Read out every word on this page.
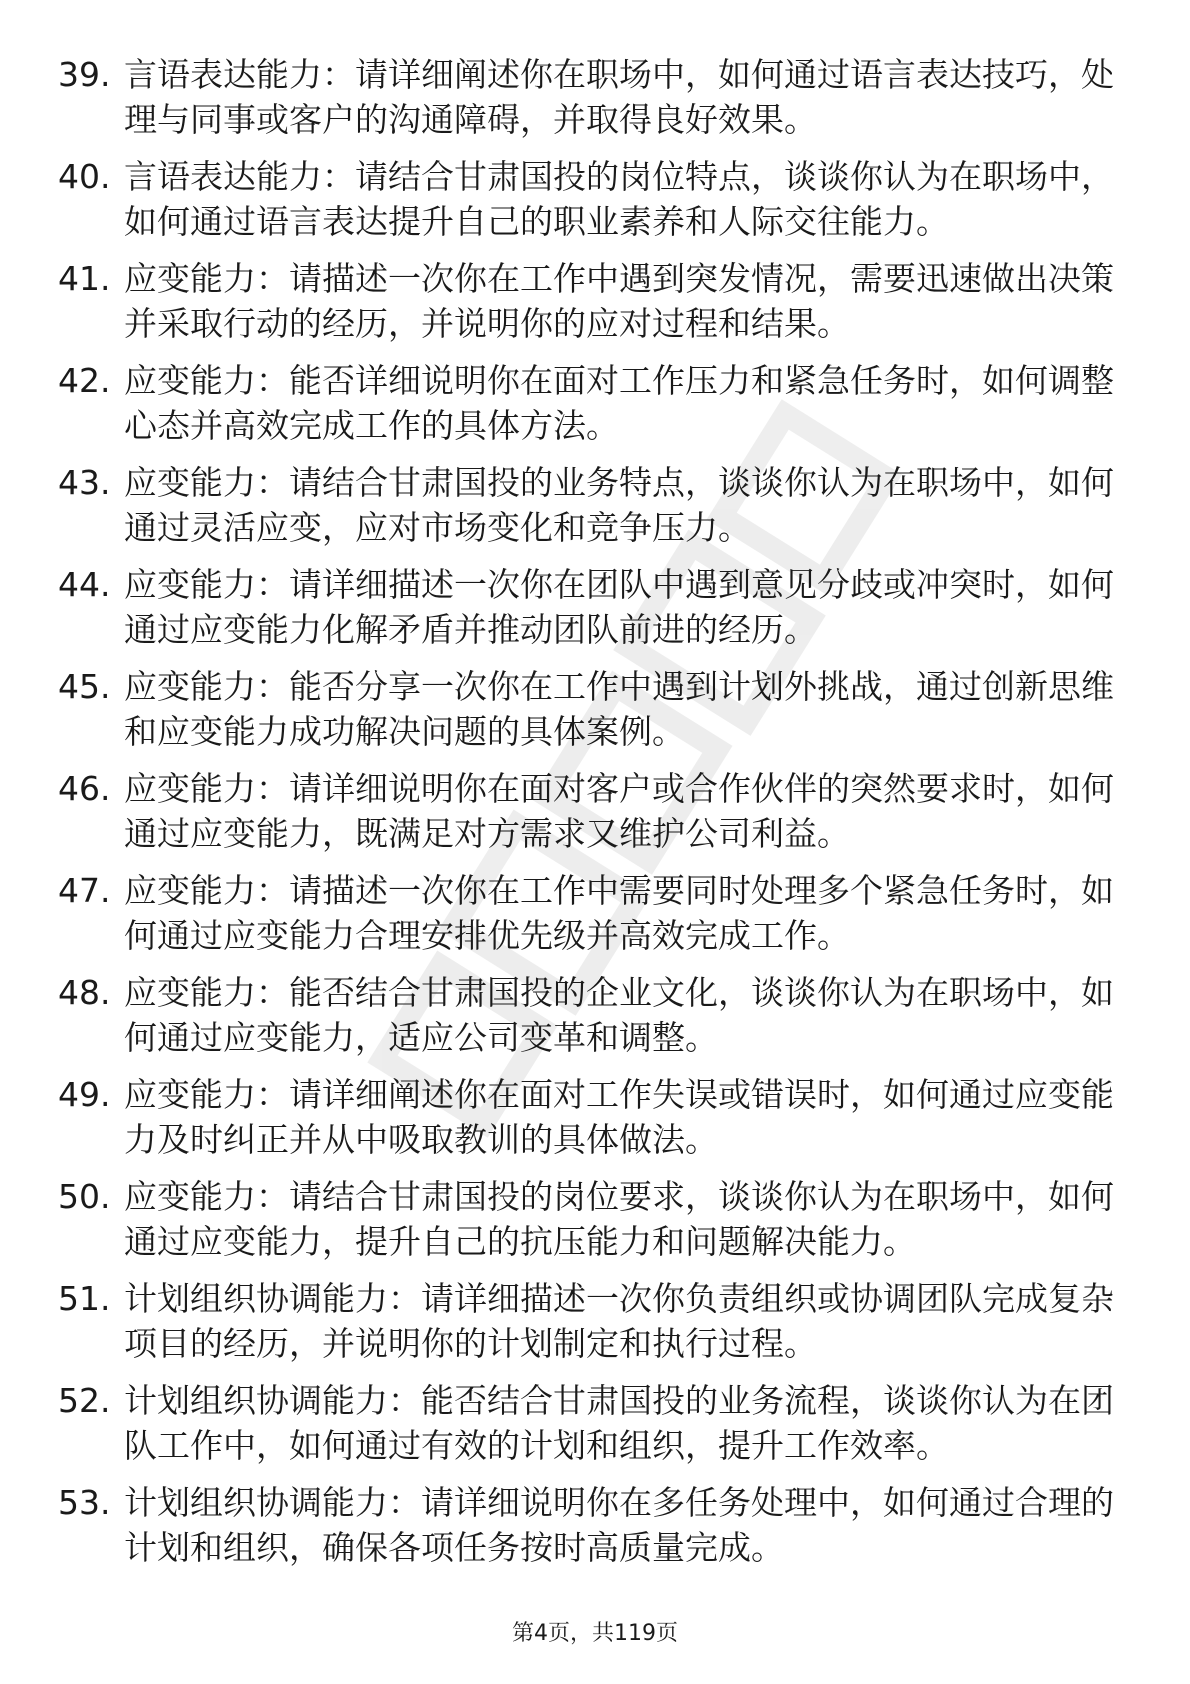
39. 言语表达能力：请详细阐述你在职场中，如何通过语言表达技巧，处理与同事或客户的沟通障碍，并取得良好效果。
40. 言语表达能力：请结合甘肃国投的岗位特点，谈谈你认为在职场中，如何通过语言表达提升自己的职业素养和人际交往能力。
41. 应变能力：请描述一次你在工作中遇到突发情况，需要迅速做出决策并采取行动的经历，并说明你的应对过程和结果。
42. 应变能力：能否详细说明你在面对工作压力和紧急任务时，如何调整心态并高效完成工作的具体方法。
43. 应变能力：请结合甘肃国投的业务特点，谈谈你认为在职场中，如何通过灵活应变，应对市场变化和竞争压力。
44. 应变能力：请详细描述一次你在团队中遇到意见分歧或冲突时，如何通过应变能力化解矛盾并推动团队前进的经历。
45. 应变能力：能否分享一次你在工作中遇到计划外挑战，通过创新思维和应变能力成功解决问题的具体案例。
46. 应变能力：请详细说明你在面对客户或合作伙伴的突然要求时，如何通过应变能力，既满足对方需求又维护公司利益。
47. 应变能力：请描述一次你在工作中需要同时处理多个紧急任务时，如何通过应变能力合理安排优先级并高效完成工作。
48. 应变能力：能否结合甘肃国投的企业文化，谈谈你认为在职场中，如何通过应变能力，适应公司变革和调整。
49. 应变能力：请详细阐述你在面对工作失误或错误时，如何通过应变能力及时纠正并从中吸取教训的具体做法。
50. 应变能力：请结合甘肃国投的岗位要求，谈谈你认为在职场中，如何通过应变能力，提升自己的抗压能力和问题解决能力。
51. 计划组织协调能力：请详细描述一次你负责组织或协调团队完成复杂项目的经历，并说明你的计划制定和执行过程。
52. 计划组织协调能力：能否结合甘肃国投的业务流程，谈谈你认为在团队工作中，如何通过有效的计划和组织，提升工作效率。
53. 计划组织协调能力：请详细说明你在多任务处理中，如何通过合理的计划和组织，确保各项任务按时高质量完成。
第4页，共119页
